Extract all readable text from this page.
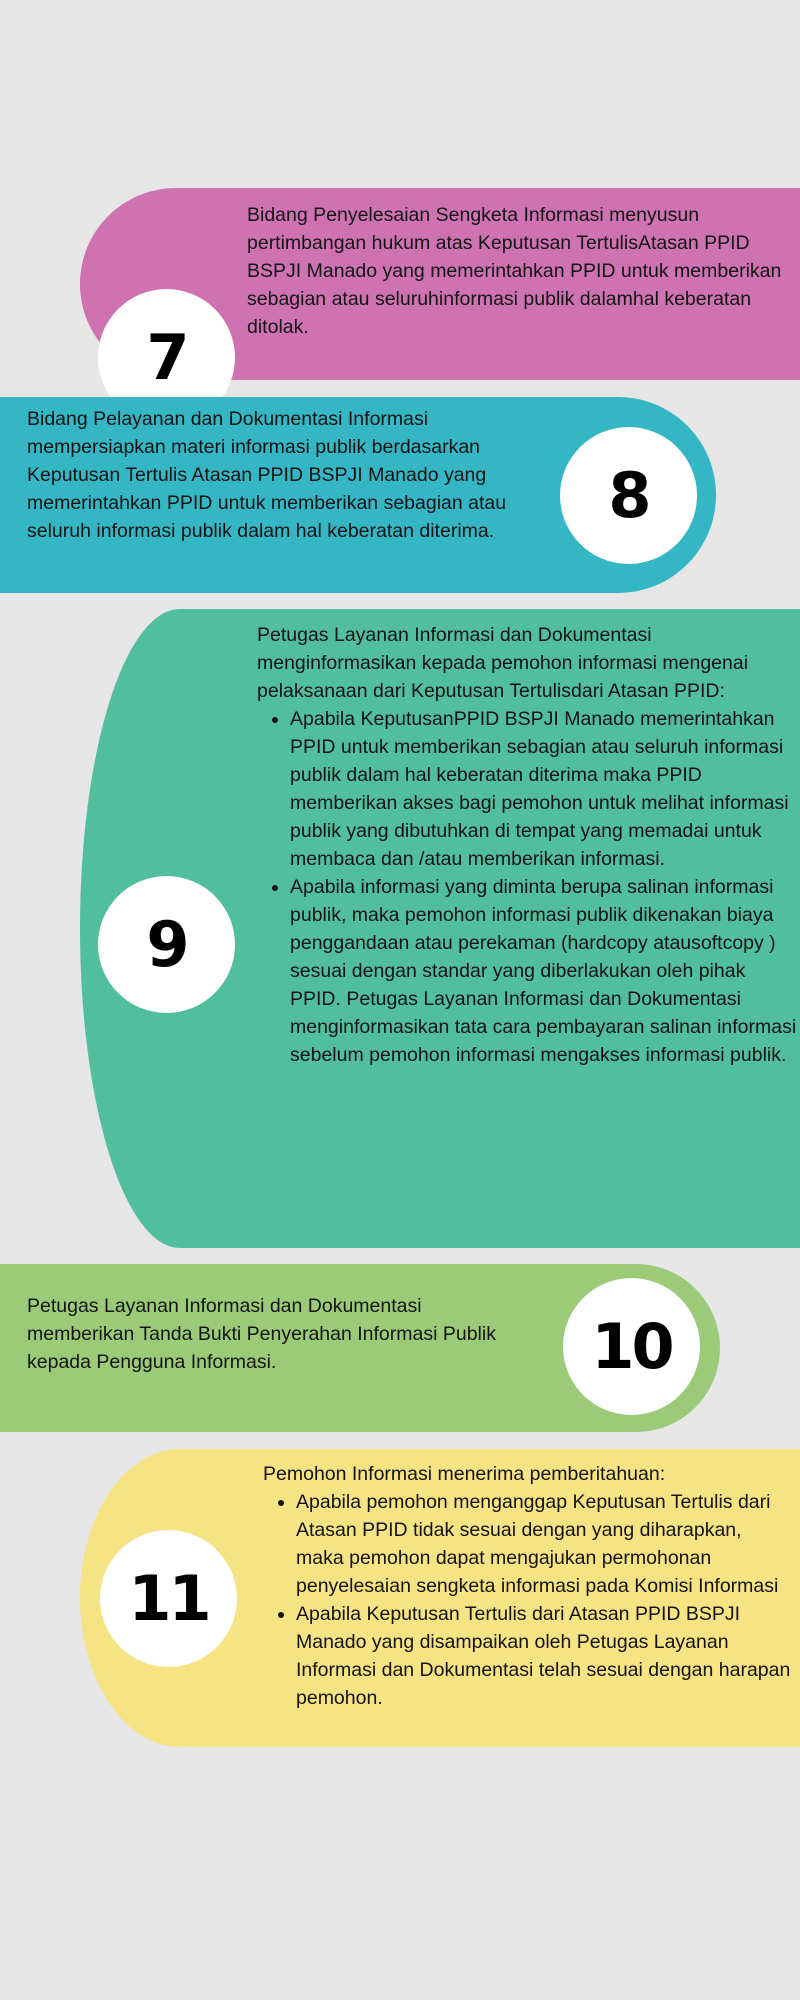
7

Bidang Penyelesaian Sengketa Informasi menyusun pertimbangan hukum atas Keputusan TertulisAtasan PPID BSPJI Manado yang memerintahkan PPID untuk memberikan sebagian atau seluruhinformasi publik dalamhal keberatan ditolak.

8

Bidang Pelayanan dan Dokumentasi Informasi mempersiapkan materi informasi publik berdasarkan Keputusan Tertulis Atasan PPID BSPJI Manado yang memerintahkan PPID untuk memberikan sebagian atau seluruh informasi publik dalam hal keberatan diterima.

9

Petugas Layanan Informasi dan Dokumentasi menginformasikan kepada pemohon informasi mengenai pelaksanaan dari Keputusan Tertulisdari Atasan PPID:

• Apabila KeputusanPPID BSPJI Manado memerintahkan PPID untuk memberikan sebagian atau seluruh informasi publik dalam hal keberatan diterima maka PPID memberikan akses bagi pemohon untuk melihat informasi publik yang dibutuhkan di tempat yang memadai untuk membaca dan /atau memberikan informasi.
• Apabila informasi yang diminta berupa salinan informasi publik, maka pemohon informasi publik dikenakan biaya penggandaan atau perekaman (hardcopy atausoftcopy ) sesuai dengan standar yang diberlakukan oleh pihak PPID. Petugas Layanan Informasi dan Dokumentasi menginformasikan tata cara pembayaran salinan informasi sebelum pemohon informasi mengakses informasi publik.
10

Petugas Layanan Informasi dan Dokumentasi memberikan Tanda Bukti Penyerahan Informasi Publik kepada Pengguna Informasi.

11

Pemohon Informasi menerima pemberitahuan:

• Apabila pemohon menganggap Keputusan Tertulis dari Atasan PPID tidak sesuai dengan yang diharapkan, maka pemohon dapat mengajukan permohonan penyelesaian sengketa informasi pada Komisi Informasi
• Apabila Keputusan Tertulis dari Atasan PPID BSPJI Manado yang disampaikan oleh Petugas Layanan Informasi dan Dokumentasi telah sesuai dengan harapan pemohon.
